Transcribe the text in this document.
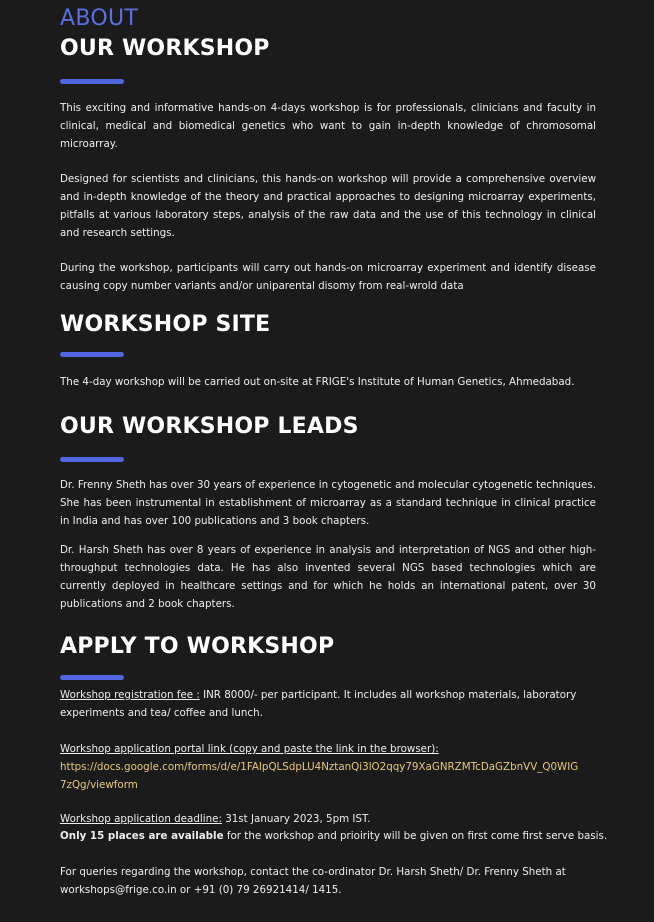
ABOUT
OUR WORKSHOP

This exciting and informative hands-on 4-days workshop is for professionals, clinicians and faculty in clinical, medical and biomedical genetics who want to gain in-depth knowledge of chromosomal microarray.

Designed for scientists and clinicians, this hands-on workshop will provide a comprehensive overview and in-depth knowledge of the theory and practical approaches to designing microarray experiments, pitfalls at various laboratory steps, analysis of the raw data and the use of this technology in clinical and research settings.

During the workshop, participants will carry out hands-on microarray experiment and identify disease causing copy number variants and/or uniparental disomy from real-wrold data

WORKSHOP SITE

The 4-day workshop will be carried out on-site at FRIGE's Institute of Human Genetics, Ahmedabad.

OUR WORKSHOP LEADS

Dr. Frenny Sheth has over 30 years of experience in cytogenetic and molecular cytogenetic techniques. She has been instrumental in establishment of microarray as a standard technique in clinical practice in India and has over 100 publications and 3 book chapters.

Dr. Harsh Sheth has over 8 years of experience in analysis and interpretation of NGS and other high-throughput technologies data. He has also invented several NGS based technologies which are currently deployed in healthcare settings and for which he holds an international patent, over 30 publications and 2 book chapters.

APPLY TO WORKSHOP
Workshop registration fee : INR 8000/- per participant. It includes all workshop materials, laboratory
experiments and tea/ coffee and lunch.
Workshop application portal link (copy and paste the link in the browser):
https://docs.google.com/forms/d/e/1FAIpQLSdpLU4NztanQi3lO2qqy79XaGNRZMTcDaGZbnVV_Q0WIG
7zQg/viewform
Workshop application deadline: 31st January 2023, 5pm IST.
Only 15 places are available for the workshop and prioirity will be given on first come first serve basis.
For queries regarding the workshop, contact the co-ordinator Dr. Harsh Sheth/ Dr. Frenny Sheth at
workshops@frige.co.in or +91 (0) 79 26921414/ 1415.
